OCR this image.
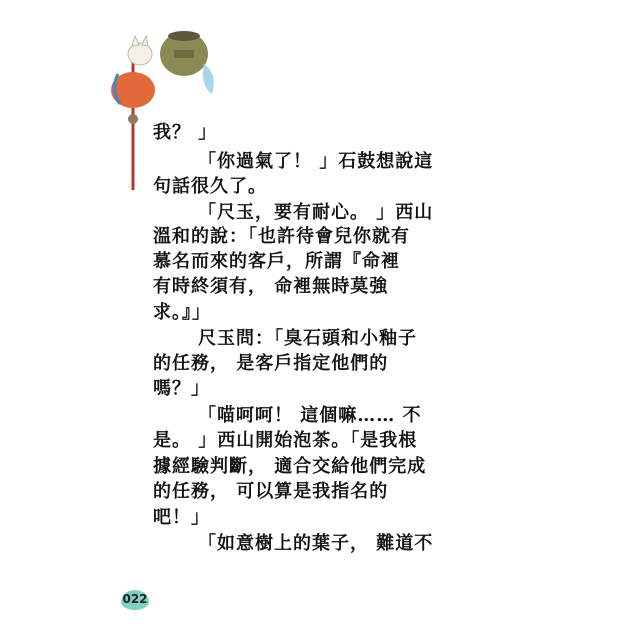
我？ 」
「你過氣了！ 」石鼓想說這
句話很久了。
「尺玉，要有耐心。 」西山
溫和的說：「也許待會兒你就有
慕名而來的客戶，所謂『命裡
有時終須有， 命裡無時莫強
求。』」
尺玉問：「臭石頭和小釉子
的任務， 是客戶指定他們的
嗎？」
「喵呵呵！ 這個嘛…… 不
是。 」西山開始泡茶。「是我根
據經驗判斷， 適合交給他們完成
的任務， 可以算是我指名的
吧！」
「如意樹上的葉子， 難道不
022
